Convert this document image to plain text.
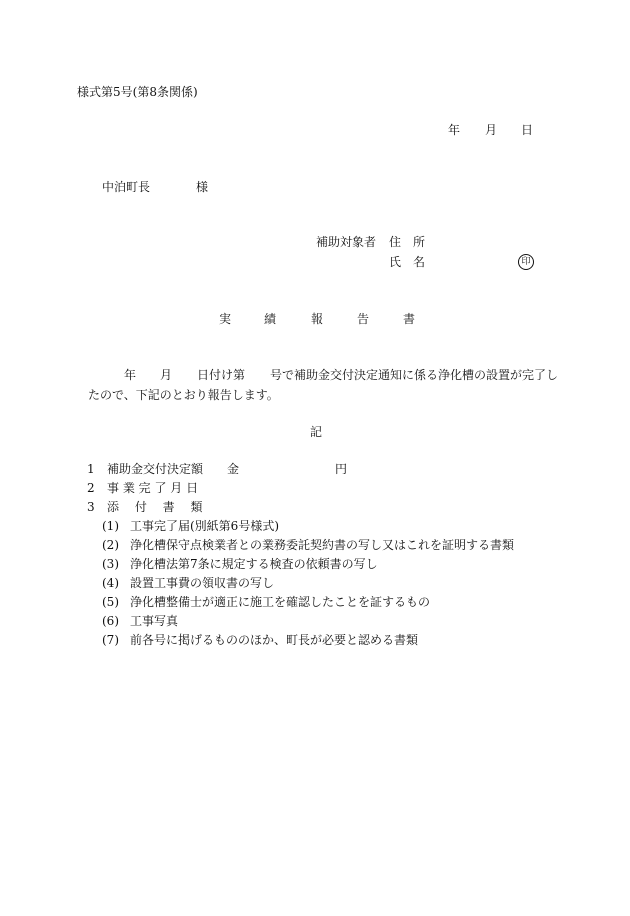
様式第5号(第8条関係)
年 月 日
中泊町長	様
補助対象者 住　所
氏　名	印
実	績	報	告	書
年 月 日付け第 号で補助金交付決定通知に係る浄化槽の設置が完了し
たので、下記のとおり報告します。
記
1 補助金交付決定額 金	円
2 事 業 完 了 月 日
3 添　 付　 書　 類
(1) 工事完了届(別紙第6号様式)
(2) 浄化槽保守点検業者との業務委託契約書の写し又はこれを証明する書類
(3) 浄化槽法第7条に規定する検査の依頼書の写し
(4) 設置工事費の領収書の写し
(5) 浄化槽整備士が適正に施工を確認したことを証するもの
(6) 工事写真
(7) 前各号に掲げるもののほか、町長が必要と認める書類
